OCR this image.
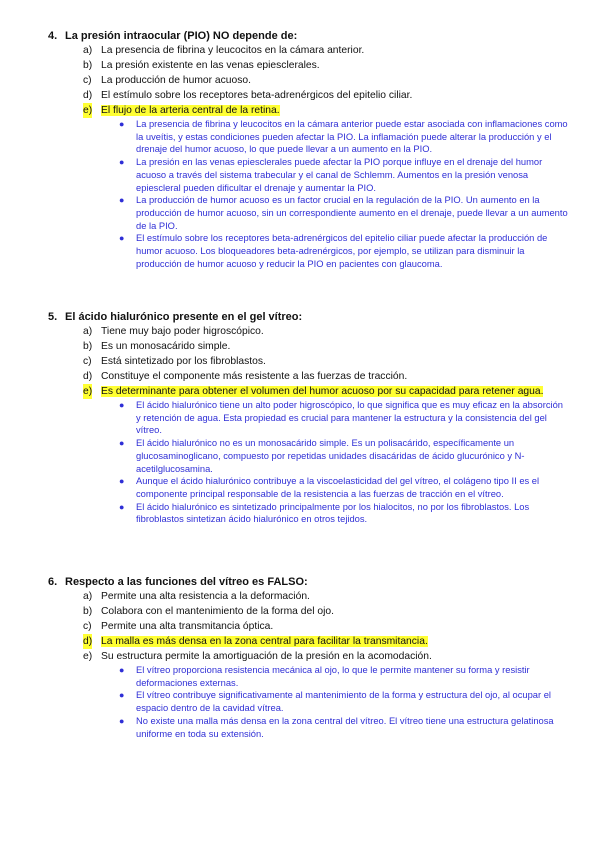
4. La presión intraocular (PIO) NO depende de:
a) La presencia de fibrina y leucocitos en la cámara anterior.
b) La presión existente en las venas epiesclerales.
c) La producción de humor acuoso.
d) El estímulo sobre los receptores beta-adrenérgicos del epitelio ciliar.
e) El flujo de la arteria central de la retina.
● La presencia de fibrina y leucocitos en la cámara anterior puede estar asociada con inflamaciones como la uveítis, y estas condiciones pueden afectar la PIO. La inflamación puede alterar la producción y el drenaje del humor acuoso, lo que puede llevar a un aumento en la PIO.
● La presión en las venas epiesclerales puede afectar la PIO porque influye en el drenaje del humor acuoso a través del sistema trabecular y el canal de Schlemm. Aumentos en la presión venosa epiescleral pueden dificultar el drenaje y aumentar la PIO.
● La producción de humor acuoso es un factor crucial en la regulación de la PIO. Un aumento en la producción de humor acuoso, sin un correspondiente aumento en el drenaje, puede llevar a un aumento de la PIO.
● El estímulo sobre los receptores beta-adrenérgicos del epitelio ciliar puede afectar la producción de humor acuoso. Los bloqueadores beta-adrenérgicos, por ejemplo, se utilizan para disminuir la producción de humor acuoso y reducir la PIO en pacientes con glaucoma.
5. El ácido hialurónico presente en el gel vítreo:
a) Tiene muy bajo poder higroscópico.
b) Es un monosacárido simple.
c) Está sintetizado por los fibroblastos.
d) Constituye el componente más resistente a las fuerzas de tracción.
e) Es determinante para obtener el volumen del humor acuoso por su capacidad para retener agua.
● El ácido hialurónico tiene un alto poder higroscópico, lo que significa que es muy eficaz en la absorción y retención de agua. Esta propiedad es crucial para mantener la estructura y la consistencia del gel vítreo.
● El ácido hialurónico no es un monosacárido simple. Es un polisacárido, específicamente un glucosaminoglicano, compuesto por repetidas unidades disacáridas de ácido glucurónico y N-acetilglucosamina.
● Aunque el ácido hialurónico contribuye a la viscoelasticidad del gel vítreo, el colágeno tipo II es el componente principal responsable de la resistencia a las fuerzas de tracción en el vítreo.
● El ácido hialurónico es sintetizado principalmente por los hialocitos, no por los fibroblastos. Los fibroblastos sintetizan ácido hialurónico en otros tejidos.
6. Respecto a las funciones del vítreo es FALSO:
a) Permite una alta resistencia a la deformación.
b) Colabora con el mantenimiento de la forma del ojo.
c) Permite una alta transmitancia óptica.
d) La malla es más densa en la zona central para facilitar la transmitancia.
e) Su estructura permite la amortiguación de la presión en la acomodación.
● El vítreo proporciona resistencia mecánica al ojo, lo que le permite mantener su forma y resistir deformaciones externas.
● El vítreo contribuye significativamente al mantenimiento de la forma y estructura del ojo, al ocupar el espacio dentro de la cavidad vítrea.
● No existe una malla más densa en la zona central del vítreo. El vítreo tiene una estructura gelatinosa uniforme en toda su extensión.
